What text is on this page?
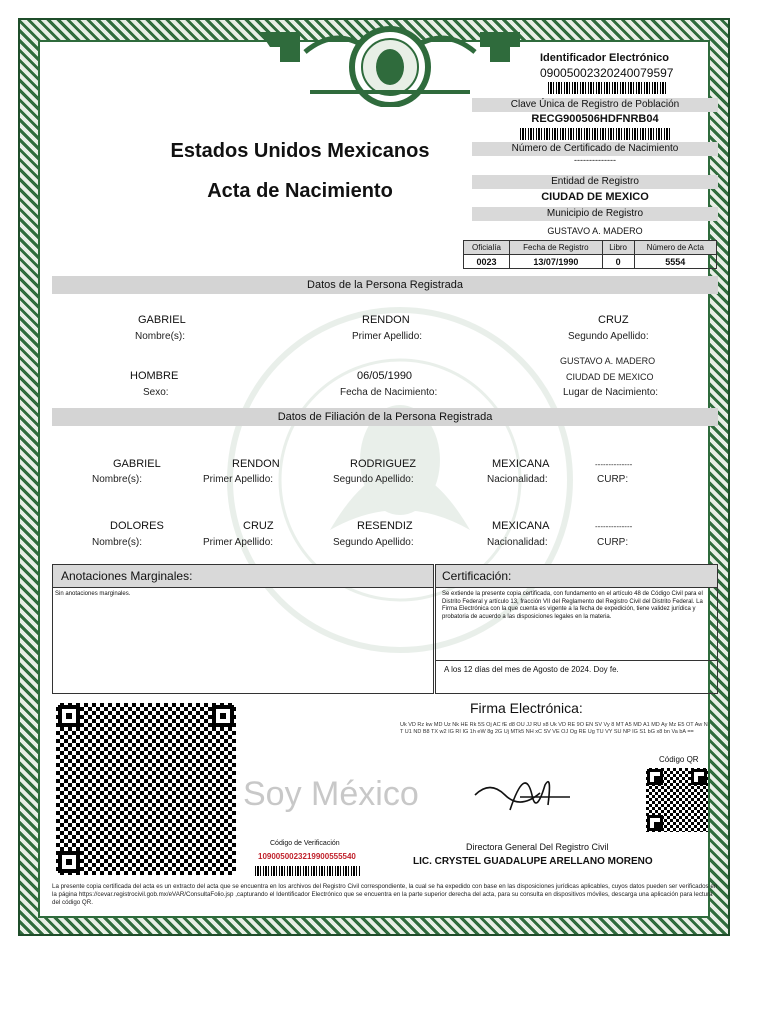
Estados Unidos Mexicanos
Acta de Nacimiento
Identificador Electrónico
09005002320240079597
Clave Única de Registro de Población
RECG900506HDFNRB04
Número de Certificado de Nacimiento
--------------
Entidad de Registro
CIUDAD DE MEXICO
Municipio de Registro
GUSTAVO A. MADERO
Oficialía	Fecha de Registro	Libro	Número de Acta
0023	13/07/1990	0	5554
Datos de la Persona Registrada
GABRIEL
Nombre(s):
RENDON
Primer Apellido:
CRUZ
Segundo Apellido:
HOMBRE
Sexo:
06/05/1990
Fecha de Nacimiento:
GUSTAVO A. MADERO
CIUDAD DE MEXICO
Lugar de Nacimiento:
Datos de Filiación de la Persona Registrada
GABRIEL	RENDON	RODRIGUEZ	MEXICANA	--------------
Nombre(s):	Primer Apellido:	Segundo Apellido:	Nacionalidad:	CURP:
DOLORES	CRUZ	RESENDIZ	MEXICANA	--------------
Nombre(s):	Primer Apellido:	Segundo Apellido:	Nacionalidad:	CURP:
Anotaciones Marginales:
Sin anotaciones marginales.
Certificación:
Se extiende la presente copia certificada, con fundamento en el artículo 48 de Código Civil para el Distrito Federal y artículo 13, fracción VII del Reglamento del Registro Civil del Distrito Federal. La Firma Electrónica con la que cuenta es vigente a la fecha de expedición, tiene validez jurídica y probatoria de acuerdo a las disposiciones legales en la materia.
A los 12 días del mes de Agosto de 2024. Doy fe.
Soy México
Firma Electrónica:
Uk VD Rz kw MD Uz Nk HE Rk 5S Oj AC fE d8 OU JJ RU x8 Uk VD RE 9O EN SV Vy 8 MT A5 MD A1 MD Ay Mz E5 OT Aw NT U1 ND B8 TX w2 IG RI IG 1h eW 8g 2G Uj MTk5 NH xC SV VE OJ Og RE Ug TU VY SU NP IG S1 bG x8 bn Va bA ==
Directora General Del Registro Civil
LIC. CRYSTEL GUADALUPE ARELLANO MORENO
Código QR
Código de Verificación
1090050023219900555540
La presente copia certificada del acta es un extracto del acta que se encuentra en los archivos del Registro Civil correspondiente, la cual se ha expedido con base en las disposiciones jurídicas aplicables, cuyos datos pueden ser verificados en la página https://cevar.registrocivil.gob.mx/eVAR/ConsultaFolio.jsp ,capturando el Identificador Electrónico que se encuentra en la parte superior derecha del acta, para su consulta en dispositivos móviles, descarga una aplicación para lectura del código QR.
